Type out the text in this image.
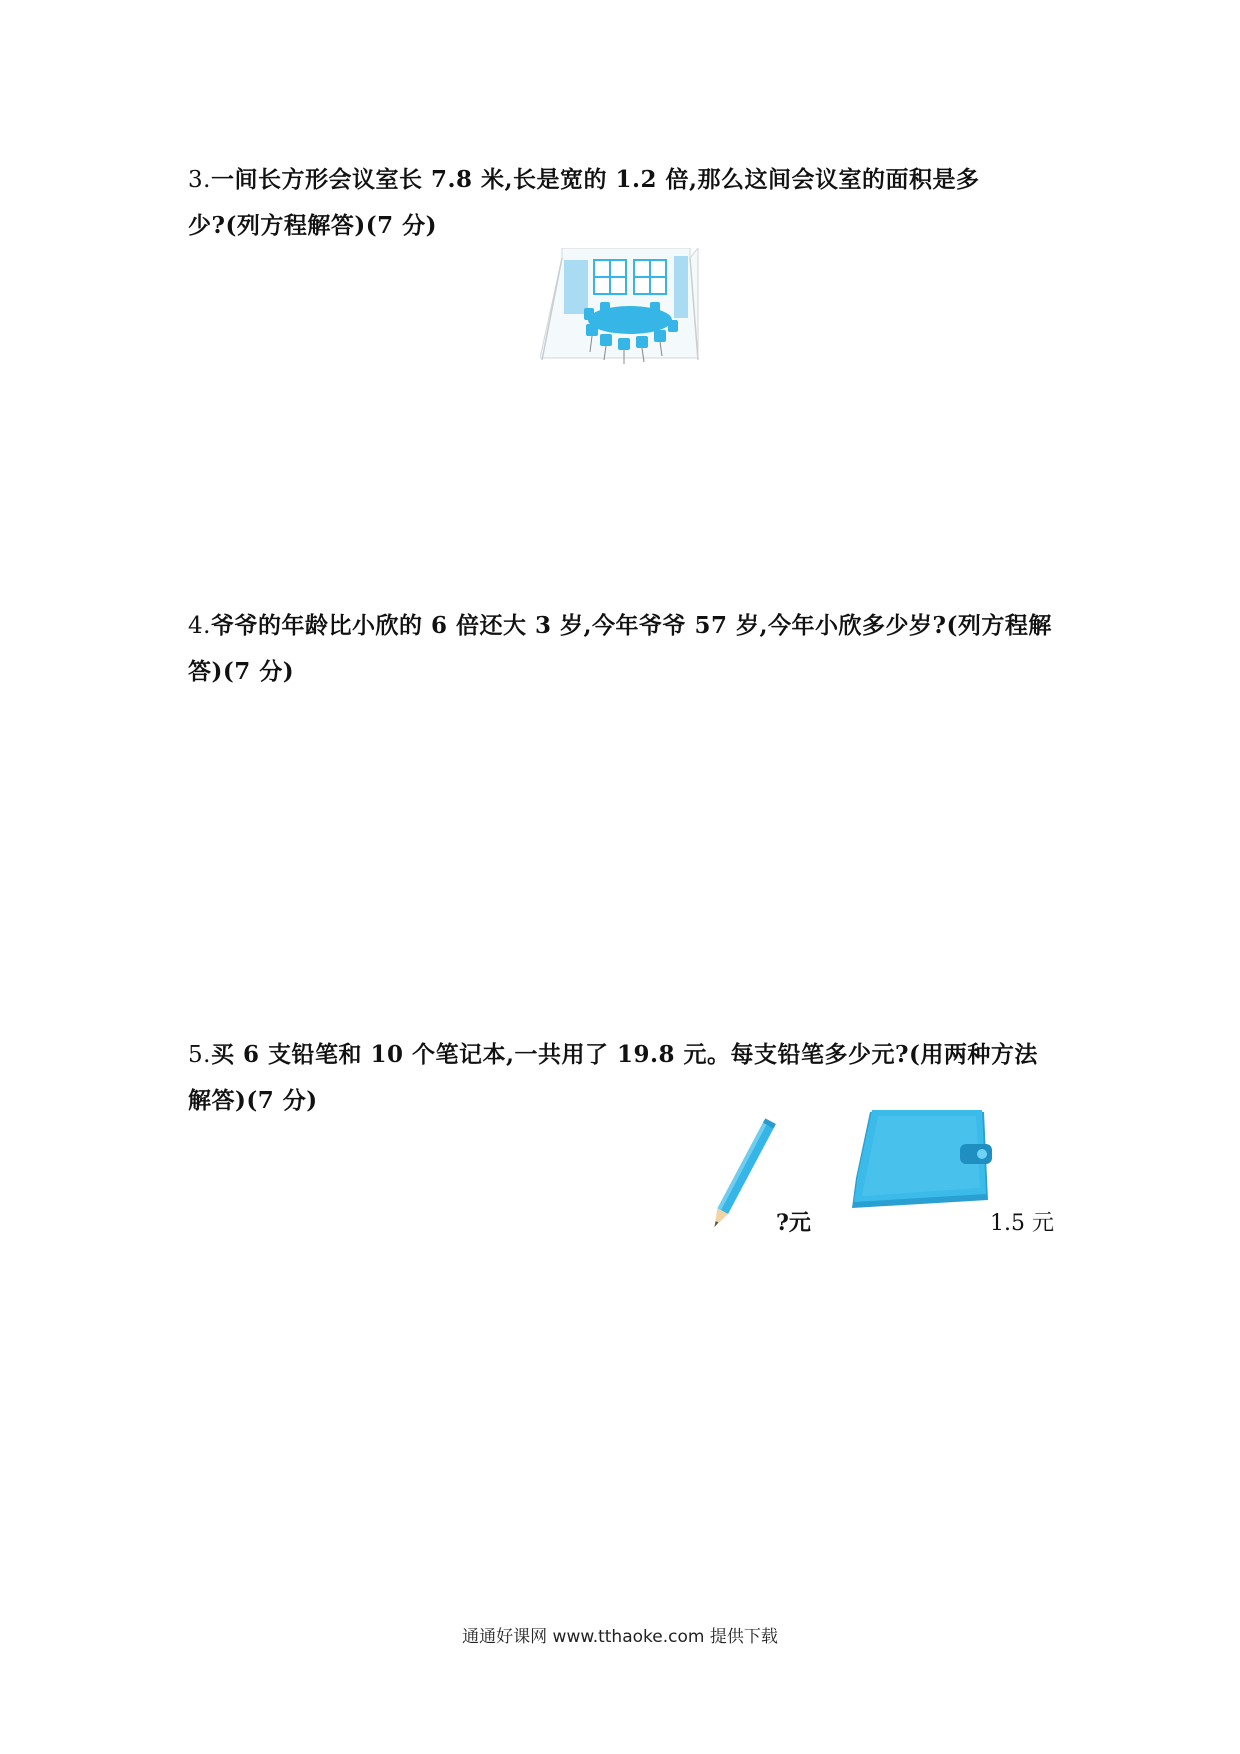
3.一间长方形会议室长 7.8 米,长是宽的 1.2 倍,那么这间会议室的面积是多
少?(列方程解答)(7 分)
4.爷爷的年龄比小欣的 6 倍还大 3 岁,今年爷爷 57 岁,今年小欣多少岁?(列方程解
答)(7 分)
5.买 6 支铅笔和 10 个笔记本,一共用了 19.8 元。每支铅笔多少元?(用两种方法
解答)(7 分)
?元	1.5 元
通通好课网 www.tthaoke.com 提供下载
